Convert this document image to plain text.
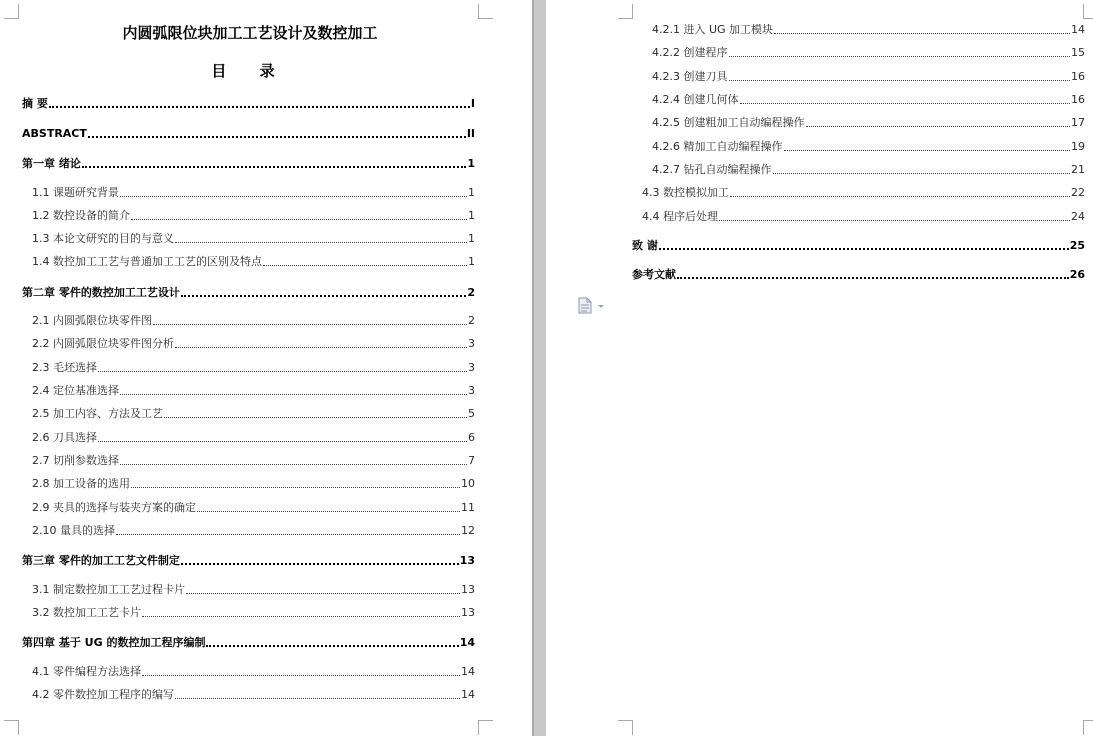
内圆弧限位块加工工艺设计及数控加工
目 录
摘 要	I
ABSTRACT	II
第一章 绪论	1
1.1 课题研究背景	1
1.2 数控设备的简介	1
1.3 本论文研究的目的与意义	1
1.4 数控加工工艺与普通加工工艺的区别及特点	1
第二章 零件的数控加工工艺设计	2
2.1 内圆弧限位块零件图	2
2.2 内圆弧限位块零件图分析	3
2.3 毛坯选择	3
2.4 定位基准选择	3
2.5 加工内容、方法及工艺	5
2.6 刀具选择	6
2.7 切削参数选择	7
2.8 加工设备的选用	10
2.9 夹具的选择与装夹方案的确定	11
2.10 量具的选择	12
第三章 零件的加工工艺文件制定	13
3.1 制定数控加工工艺过程卡片	13
3.2 数控加工工艺卡片	13
第四章 基于 UG 的数控加工程序编制	14
4.1 零件编程方法选择	14
4.2 零件数控加工程序的编写	14
4.2.1 进入 UG 加工模块	14
4.2.2 创建程序	15
4.2.3 创建刀具	16
4.2.4 创建几何体	16
4.2.5 创建粗加工自动编程操作	17
4.2.6 精加工自动编程操作	19
4.2.7 钻孔自动编程操作	21
4.3 数控模拟加工	22
4.4 程序后处理	24
致 谢	25
参考文献	26
